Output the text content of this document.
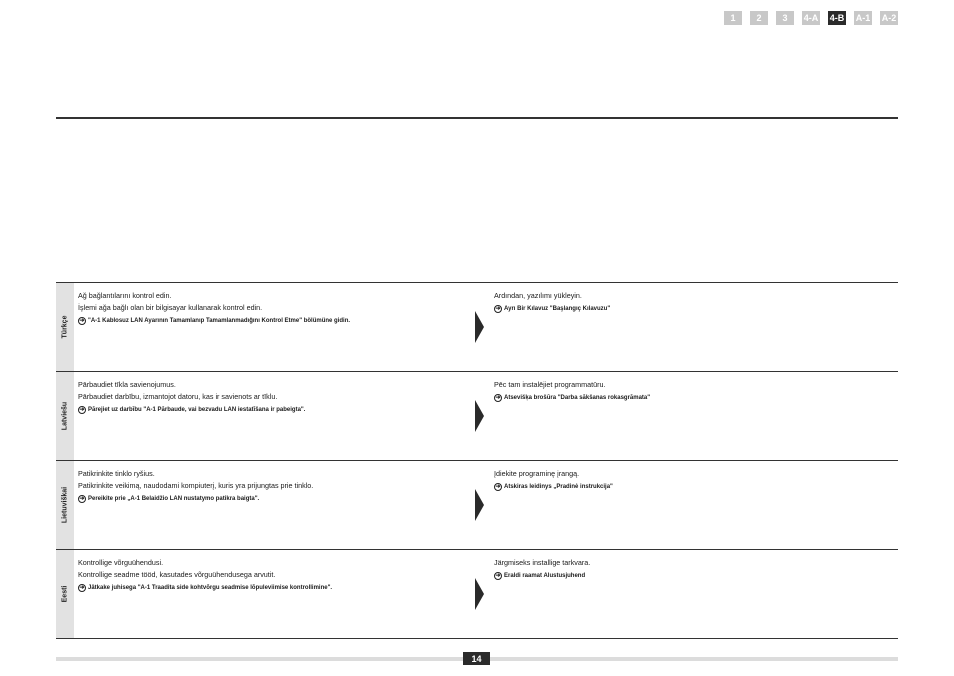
1	2	3	4-A 4-B A-1 A-2
Türkçe
Ağ bağlantılarını kontrol edin.
İşlemi ağa bağlı olan bir bilgisayar kullanarak kontrol edin.
➔ "A-1 Kablosuz LAN Ayarının Tamamlanıp Tamamlanmadığını Kontrol Etme" bölümüne gidin.
Ardından, yazılımı yükleyin.
➔ Ayrı Bir Kılavuz "Başlangıç Kılavuzu"
Latviešu
Pārbaudiet tīkla savienojumus.
Pārbaudiet darbību, izmantojot datoru, kas ir savienots ar tīklu.
➔ Pārejiet uz darbību "A-1 Pārbaude, vai bezvadu LAN iestatīšana ir pabeigta".
Pēc tam instalējiet programmatūru.
➔ Atsevišķa brošūra "Darba sākšanas rokasgrāmata"
Lietuviškai
Patikrinkite tinklo ryšius.
Patikrinkite veikimą, naudodami kompiuterį, kuris yra prijungtas prie tinklo.
➔ Pereikite prie „A-1 Belaidžio LAN nustatymo patikra baigta".
Įdiekite programinę įrangą.
➔ Atskiras leidinys „Pradinė instrukcija"
Eesti
Kontrollige võrguühendusi.
Kontrollige seadme tööd, kasutades võrguühendusega arvutit.
➔ Jätkake juhisega "A-1 Traadita side kohtvõrgu seadmise lõpuleviimise kontrollimine".
Järgmiseks installige tarkvara.
➔ Eraldi raamat Alustusjuhend
14
